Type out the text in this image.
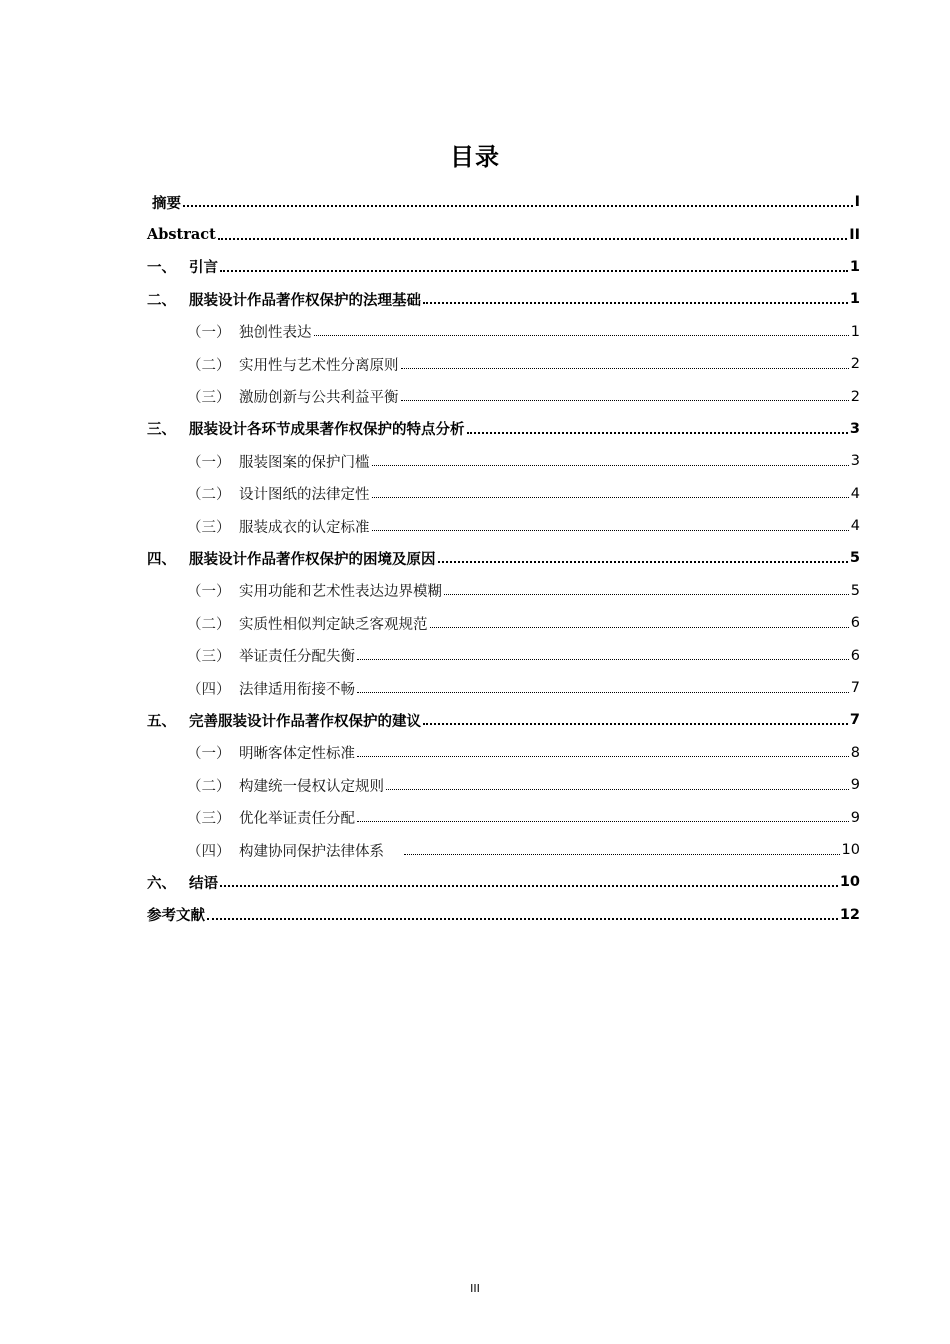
目录
摘要	I
Abstract	II
一、 引言	1
二、 服装设计作品著作权保护的法理基础	1
（一） 独创性表达	1
（二） 实用性与艺术性分离原则	2
（三） 激励创新与公共利益平衡	2
三、 服装设计各环节成果著作权保护的特点分析	3
（一） 服装图案的保护门槛	3
（二） 设计图纸的法律定性	4
（三） 服装成衣的认定标准	4
四、 服装设计作品著作权保护的困境及原因	5
（一） 实用功能和艺术性表达边界模糊	5
（二） 实质性相似判定缺乏客观规范	6
（三） 举证责任分配失衡	6
（四） 法律适用衔接不畅	7
五、 完善服装设计作品著作权保护的建议	7
（一） 明晰客体定性标准	8
（二） 构建统一侵权认定规则	9
（三） 优化举证责任分配	9
（四） 构建协同保护法律体系	10
六、 结语	10
参考文献	12
III
